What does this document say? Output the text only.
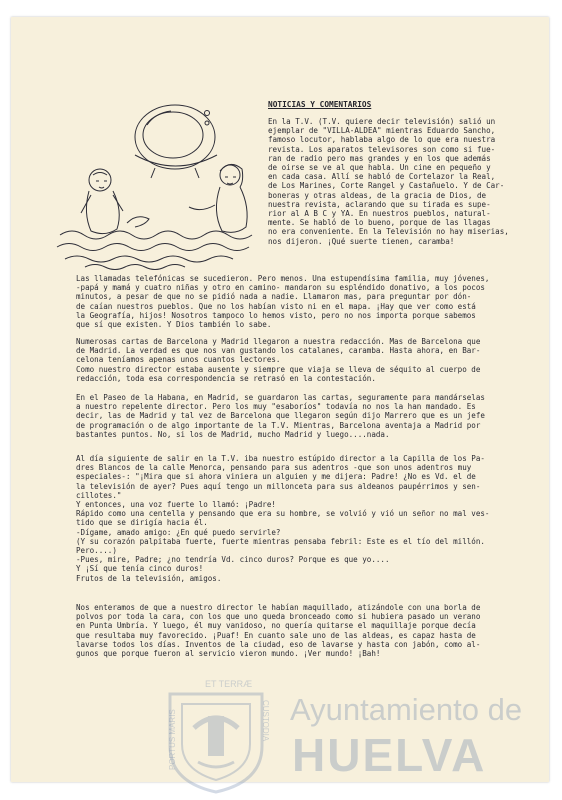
NOTICIAS Y COMENTARIOS
En la T.V. (T.V. quiere decir televisión) salió un
ejemplar de "VILLA-ALDEA" mientras Eduardo Sancho,
famoso locutor, hablaba algo de lo que era nuestra
revista. Los aparatos televisores son como si fue-
ran de radio pero mas grandes y en los que además
de oirse se ve al que habla. Un cine en pequeño y
en cada casa. Allí se habló de Cortelazor la Real,
de Los Marines, Corte Rangel y Castañuelo. Y de Car-
boneras y otras aldeas, de la gracia de Dios, de
nuestra revista, aclarando que su tirada es supe-
rior al A B C y YA. En nuestros pueblos, natural-
mente. Se habló de lo bueno, porque de las llagas
no era conveniente. En la Televisión no hay miserias,
nos dijeron. ¡Qué suerte tienen, caramba!
Las llamadas telefónicas se sucedieron. Pero menos. Una estupendísima familia, muy jóvenes,
-papá y mamá y cuatro niñas y otro en camino- mandaron su espléndido donativo, a los pocos
minutos, a pesar de que no se pidió nada a nadie. Llamaron mas, para preguntar por dón-
de caían nuestros pueblos. Que no los habían visto ni en el mapa. ¡Hay que ver como está
la Geografía, hijos! Nosotros tampoco lo hemos visto, pero no nos importa porque sabemos
que sí que existen. Y Dios también lo sabe.
Numerosas cartas de Barcelona y Madrid llegaron a nuestra redacción. Mas de Barcelona que
de Madrid. La verdad es que nos van gustando los catalanes, caramba. Hasta ahora, en Bar-
celona teníamos apenas unos cuantos lectores.
Como nuestro director estaba ausente y siempre que viaja se lleva de séquito al cuerpo de
redacción, toda esa correspondencia se retrasó en la contestación.
En el Paseo de la Habana, en Madrid, se guardaron las cartas, seguramente para mandárselas
a nuestro repelente director. Pero los muy "esaboríos" todavía no nos la han mandado. Es
decir, las de Madrid y tal vez de Barcelona que llegaron según dijo Marrero que es un jefe
de programación o de algo importante de la T.V. Mientras, Barcelona aventaja a Madrid por
bastantes puntos. No, si los de Madrid, mucho Madrid y luego....nada.
Al día siguiente de salir en la T.V. iba nuestro estúpido director a la Capilla de los Pa-
dres Blancos de la calle Menorca, pensando para sus adentros -que son unos adentros muy
especiales-: "¡Mira que si ahora viniera un alguien y me dijera: Padre! ¿No es Vd. el de
la televisión de ayer? Pues aquí tengo un millonceta para sus aldeanos paupérrimos y sen-
cillotes."
Y entonces, una voz fuerte lo llamó: ¡Padre!
Rápido como una centella y pensando que era su hombre, se volvió y vió un señor no mal ves-
tido que se dirigía hacia él.
-Dígame, amado amigo: ¿En qué puedo servirle?
(Y su corazón palpitaba fuerte, fuerte mientras pensaba febril: Este es el tío del millón.
Pero....)
-Pues, mire, Padre; ¿no tendría Vd. cinco duros? Porque es que yo....
Y ¡Sí que tenía cinco duros!
Frutos de la televisión, amigos.
Nos enteramos de que a nuestro director le habían maquillado, atizándole con una borla de
polvos por toda la cara, con los que uno queda bronceado como si hubiera pasado un verano
en Punta Umbría. Y luego, él muy vanidoso, no quería quitarse el maquillaje porque decía
que resultaba muy favorecido. ¡Puaf! En cuanto sale uno de las aldeas, es capaz hasta de
lavarse todos los días. Inventos de la ciudad, eso de lavarse y hasta con jabón, como al-
gunos que porque fueron al servicio vieron mundo. ¡Ver mundo! ¡Bah!
ET TERRÆ
PORTUS MARIS	CUSTODIA Ayuntamiento de
HUELVA
